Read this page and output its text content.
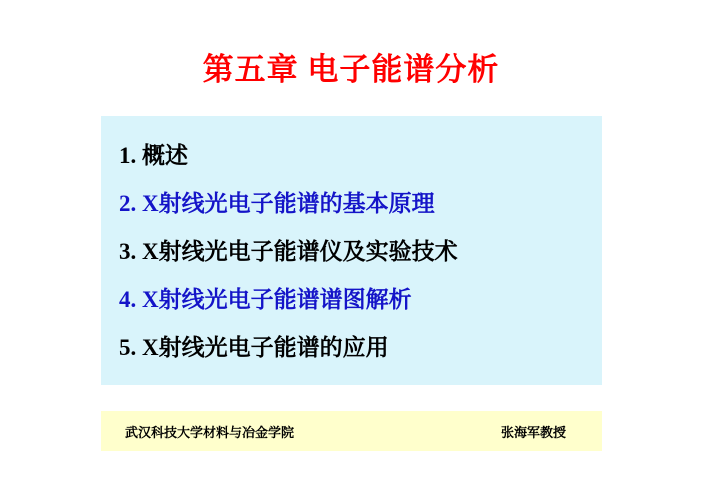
第五章 电子能谱分析
1. 概述
2. X射线光电子能谱的基本原理
3. X射线光电子能谱仪及实验技术
4. X射线光电子能谱谱图解析
5. X射线光电子能谱的应用
武汉科技大学材料与冶金学院	张海军教授
